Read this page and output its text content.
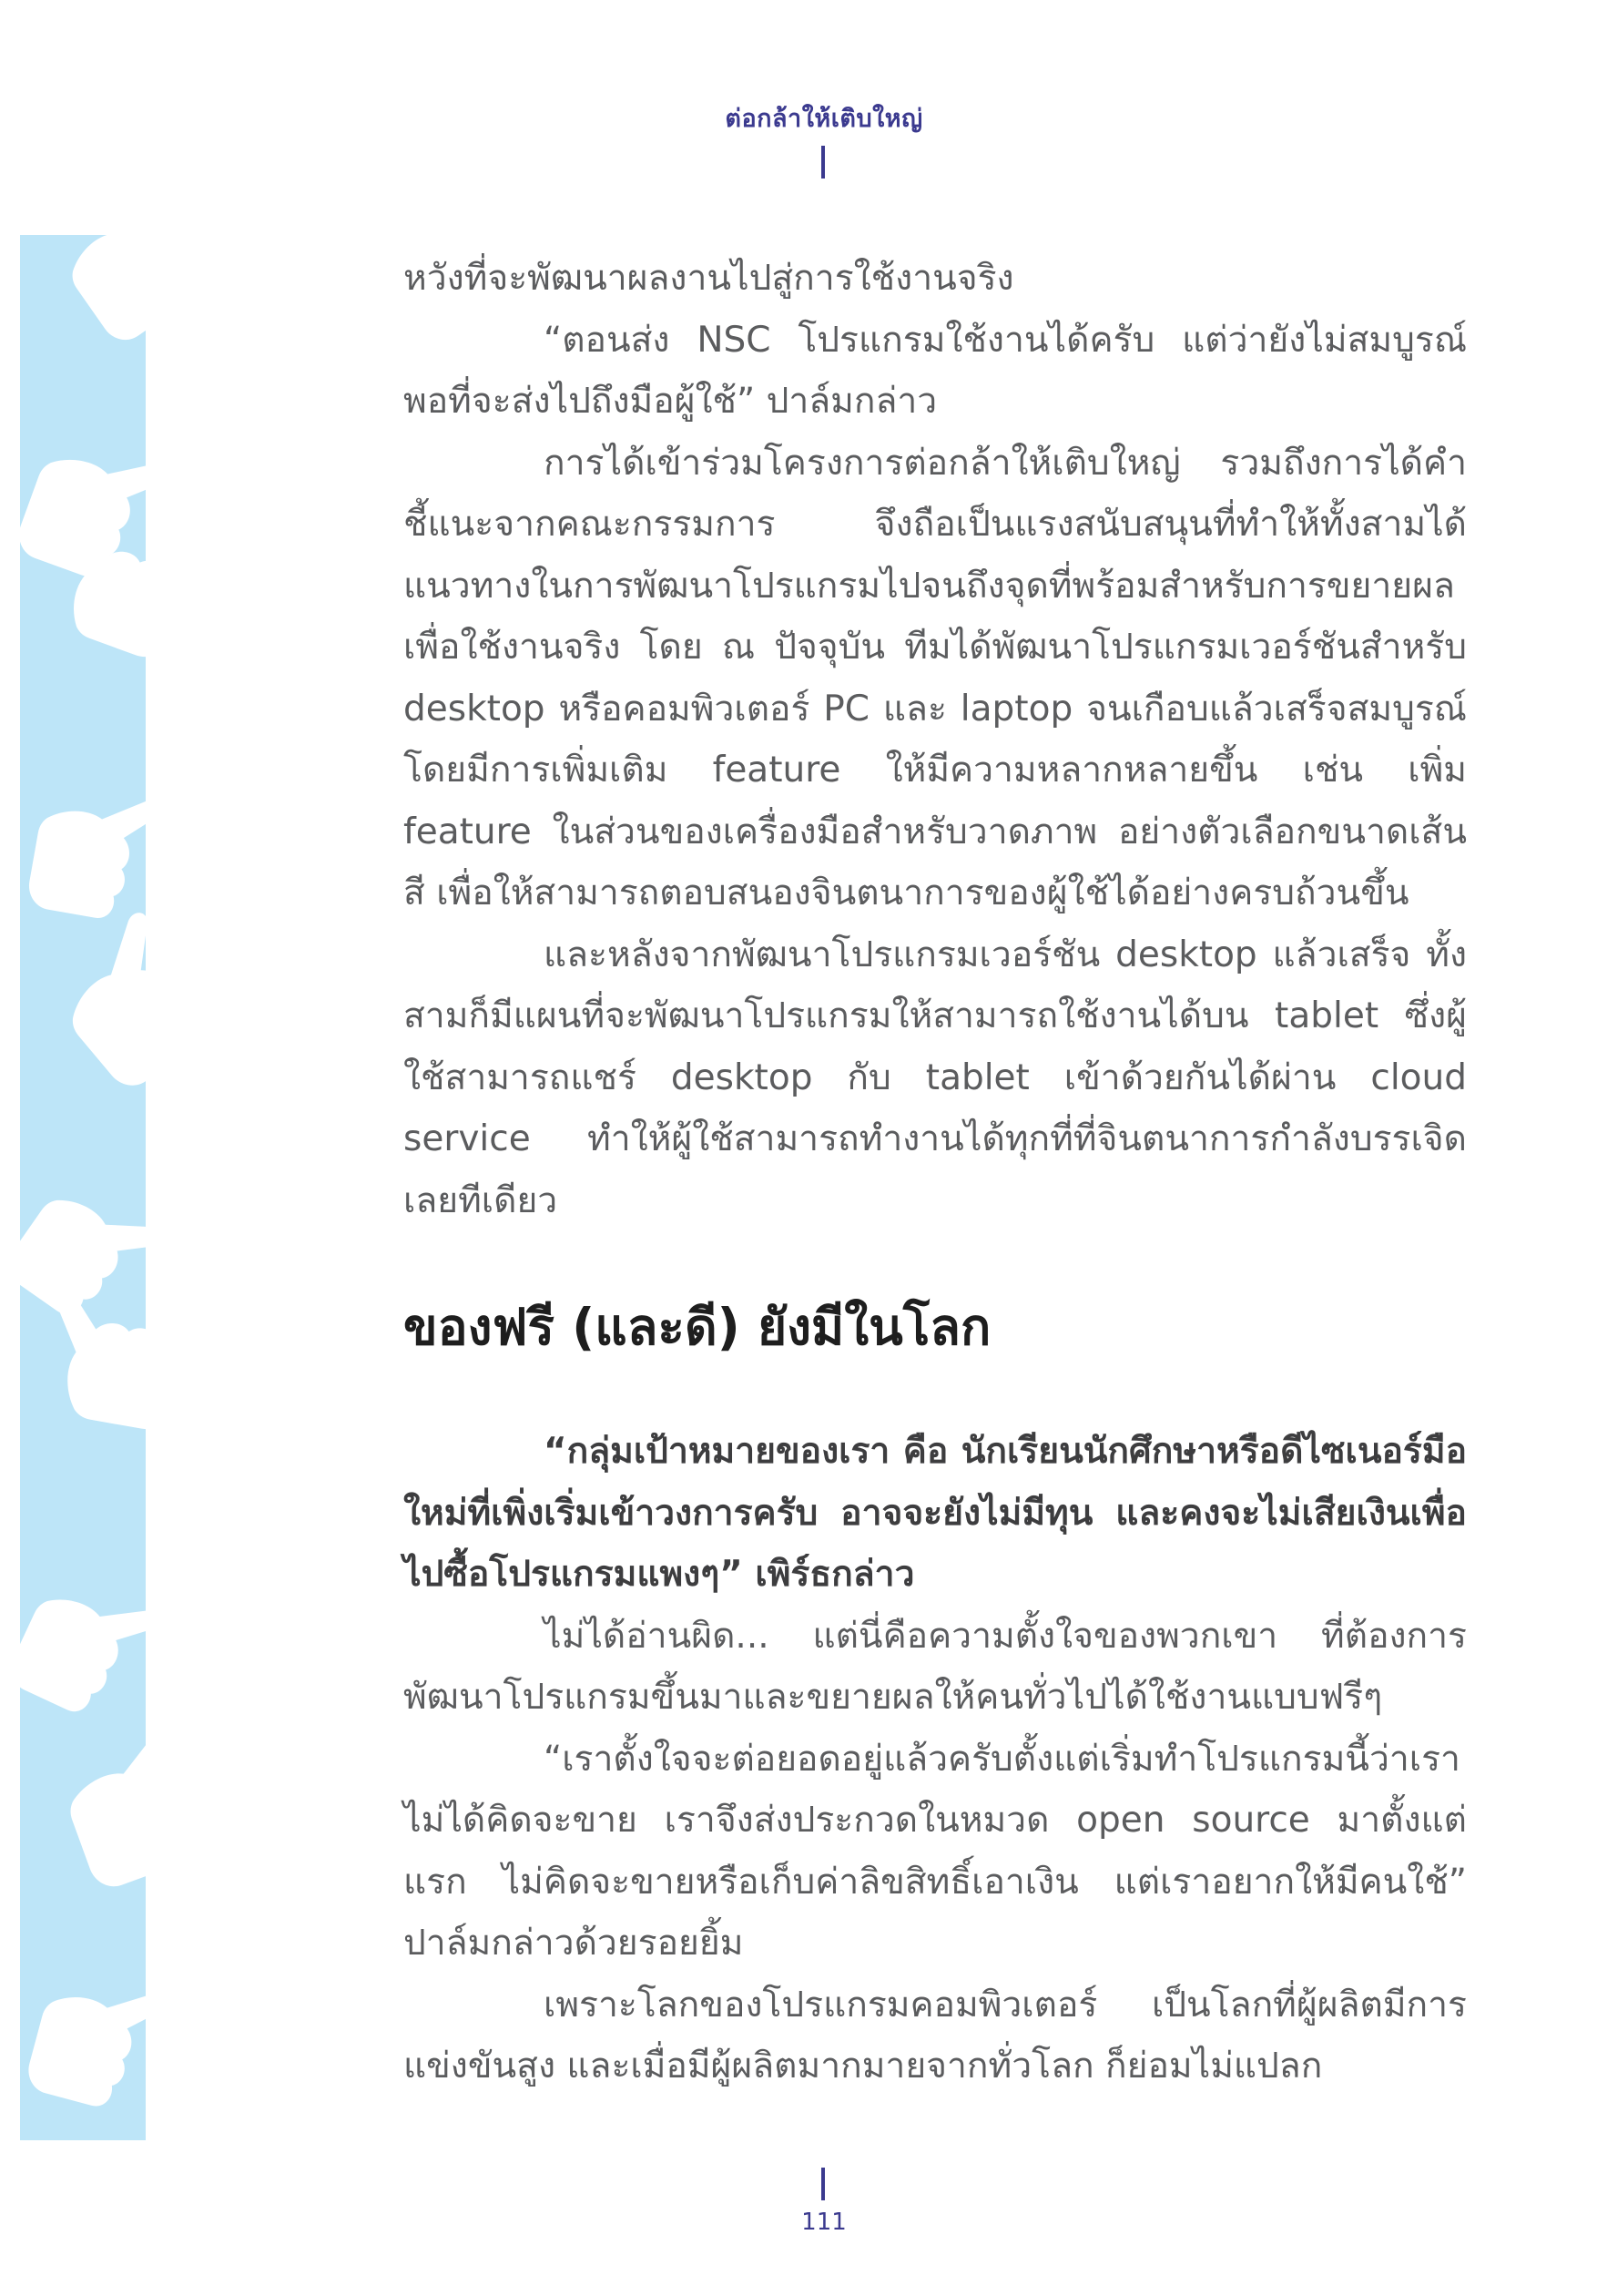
ต่อกล้าให้เติบใหญ่

หวังที่จะพัฒนาผลงานไปสู่การใช้งานจริง

“ตอนส่ง NSC โปรแกรมใช้งานได้ครับ แต่ว่ายังไม่สมบูรณ์พอที่จะส่งไปถึงมือผู้ใช้” ปาล์มกล่าว

การได้เข้าร่วมโครงการต่อกล้าให้เติบใหญ่ รวมถึงการได้คำชี้แนะจากคณะกรรมการ จึงถือเป็นแรงสนับสนุนที่ทำให้ทั้งสามได้แนวทางในการพัฒนาโปรแกรมไปจนถึงจุดที่พร้อมสำหรับการขยายผลเพื่อใช้งานจริง โดย ณ ปัจจุบัน ทีมได้พัฒนาโปรแกรมเวอร์ชันสำหรับ desktop หรือคอมพิวเตอร์ PC และ laptop จนเกือบแล้วเสร็จสมบูรณ์ โดยมีการเพิ่มเติม feature ให้มีความหลากหลายขึ้น เช่น เพิ่ม feature ในส่วนของเครื่องมือสำหรับวาดภาพ อย่างตัวเลือกขนาดเส้นสี เพื่อให้สามารถตอบสนองจินตนาการของผู้ใช้ได้อย่างครบถ้วนขึ้น

และหลังจากพัฒนาโปรแกรมเวอร์ชัน desktop แล้วเสร็จ ทั้งสามก็มีแผนที่จะพัฒนาโปรแกรมให้สามารถใช้งานได้บน tablet ซึ่งผู้ใช้สามารถแชร์ desktop กับ tablet เข้าด้วยกันได้ผ่าน cloud service ทำให้ผู้ใช้สามารถทำงานได้ทุกที่ที่จินตนาการกำลังบรรเจิดเลยทีเดียว

ของฟรี (และดี) ยังมีในโลก

“กลุ่มเป้าหมายของเรา คือ นักเรียนนักศึกษาหรือดีไซเนอร์มือใหม่ที่เพิ่งเริ่มเข้าวงการครับ อาจจะยังไม่มีทุน และคงจะไม่เสียเงินเพื่อไปซื้อโปรแกรมแพงๆ” เพิร์ธกล่าว

ไม่ได้อ่านผิด... แต่นี่คือความตั้งใจของพวกเขา ที่ต้องการพัฒนาโปรแกรมขึ้นมาและขยายผลให้คนทั่วไปได้ใช้งานแบบฟรีๆ

“เราตั้งใจจะต่อยอดอยู่แล้วครับตั้งแต่เริ่มทำโปรแกรมนี้ว่าเราไม่ได้คิดจะขาย เราจึงส่งประกวดในหมวด open source มาตั้งแต่แรก ไม่คิดจะขายหรือเก็บค่าลิขสิทธิ์เอาเงิน แต่เราอยากให้มีคนใช้” ปาล์มกล่าวด้วยรอยยิ้ม

เพราะโลกของโปรแกรมคอมพิวเตอร์ เป็นโลกที่ผู้ผลิตมีการแข่งขันสูง และเมื่อมีผู้ผลิตมากมายจากทั่วโลก ก็ย่อมไม่แปลก

111
